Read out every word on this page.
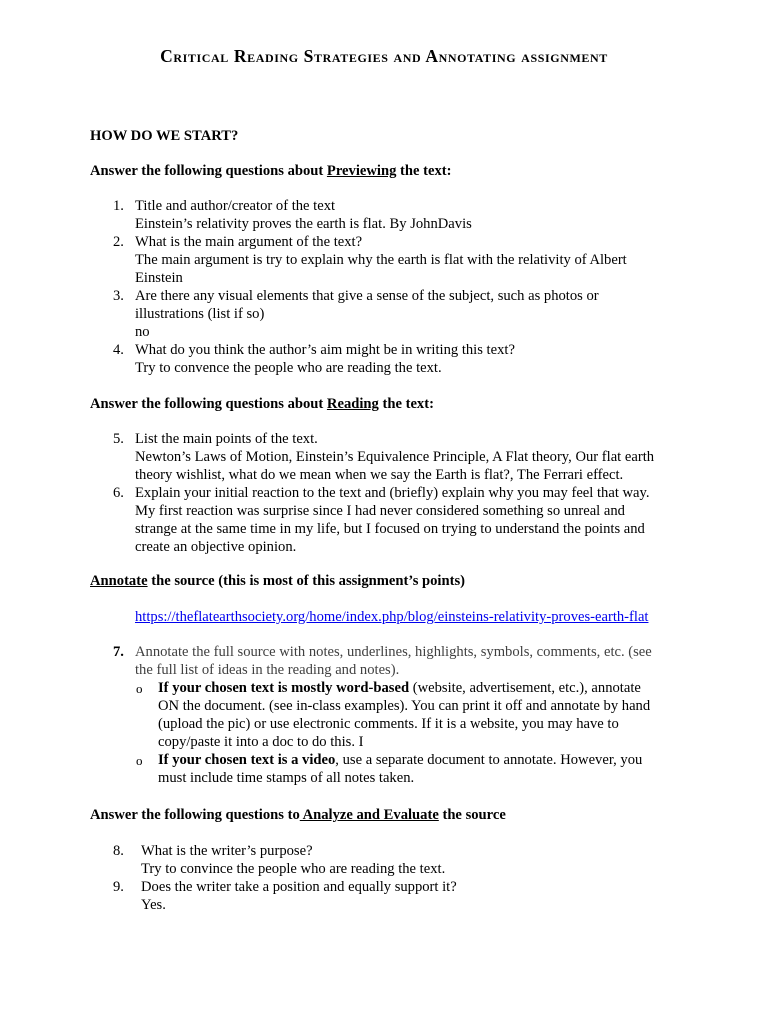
Critical Reading Strategies and Annotating assignment
HOW DO WE START?
Answer the following questions about Previewing the text:
1. Title and author/creator of the text
Einstein’s relativity proves the earth is flat. By JohnDavis
2. What is the main argument of the text?
The main argument is try to explain why the earth is flat with the relativity of Albert
Einstein
3. Are there any visual elements that give a sense of the subject, such as photos or
illustrations (list if so)
no
4. What do you think the author’s aim might be in writing this text?
Try to convence the people who are reading the text.
Answer the following questions about Reading the text:
5. List the main points of the text.
Newton’s Laws of Motion, Einstein’s Equivalence Principle, A Flat theory, Our flat earth
theory wishlist, what do we mean when we say the Earth is flat?, The Ferrari effect.
6. Explain your initial reaction to the text and (briefly) explain why you may feel that way.
My first reaction was surprise since I had never considered something so unreal and
strange at the same time in my life, but I focused on trying to understand the points and
create an objective opinion.
Annotate the source (this is most of this assignment’s points)
https://theflatearthsociety.org/home/index.php/blog/einsteins-relativity-proves-earth-flat
7. Annotate the full source with notes, underlines, highlights, symbols, comments, etc. (see
the full list of ideas in the reading and notes).
o If your chosen text is mostly word-based (website, advertisement, etc.), annotate
ON the document. (see in-class examples). You can print it off and annotate by hand
(upload the pic) or use electronic comments. If it is a website, you may have to
copy/paste it into a doc to do this. I
o If your chosen text is a video, use a separate document to annotate. However, you
must include time stamps of all notes taken.
Answer the following questions to Analyze and Evaluate the source
8. What is the writer’s purpose?
Try to convince the people who are reading the text.
9. Does the writer take a position and equally support it?
Yes.
